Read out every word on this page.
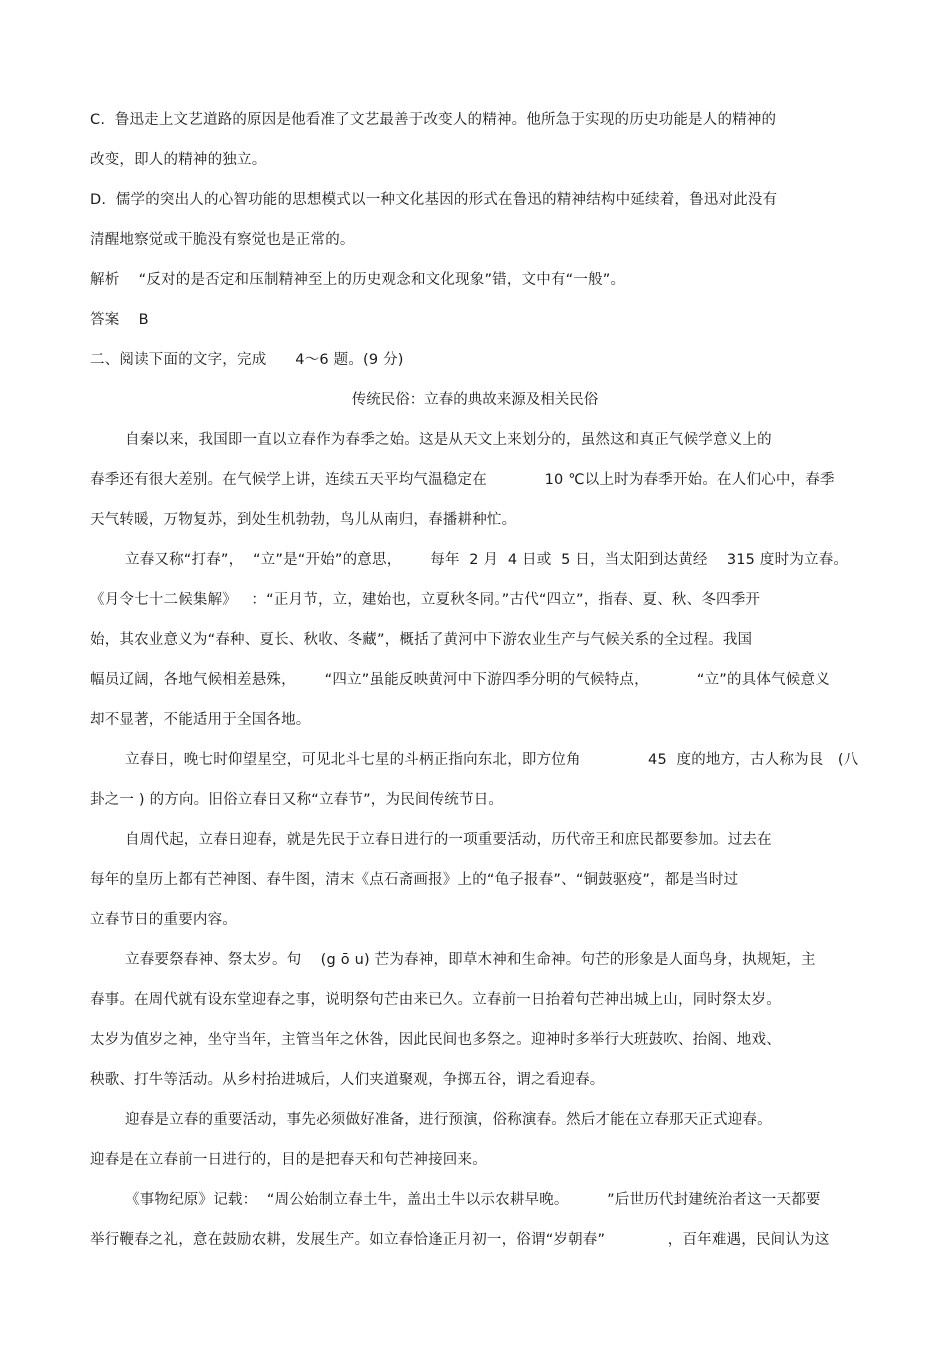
C.  鲁迅走上文艺道路的原因是他看准了文艺最善于改变人的精神。他所急于实现的历史功能是人的精神的
改变，即人的精神的独立。
D.  儒学的突出人的心智功能的思想模式以一种文化基因的形式在鲁迅的精神结构中延续着，鲁迅对此没有
清醒地察觉或干脆没有察觉也是正常的。
解析    “反对的是否定和压制精神至上的历史观念和文化现象”错，文中有“一般”。
答案    B
二、阅读下面的文字，完成      4～6 题。(9 分)
传统民俗：立春的典故来源及相关民俗
自秦以来，我国即一直以立春作为春季之始。这是从天文上来划分的，虽然这和真正气候学意义上的
春季还有很大差别。在气候学上讲，连续五天平均气温稳定在            10 ℃以上时为春季开始。在人们心中，春季
天气转暖，万物复苏，到处生机勃勃，鸟儿从南归，春播耕种忙。
立春又称“打春”，  “立”是“开始”的意思，      每年  2 月  4 日或  5 日，当太阳到达黄经    315 度时为立春。
《月令七十二候集解》   ：“正月节，立，建始也，立夏秋冬同。”古代“四立”，指春、夏、秋、冬四季开
始，其农业意义为“春种、夏长、秋收、冬藏”，概括了黄河中下游农业生产与气候关系的全过程。我国
幅员辽阔，各地气候相差悬殊，      “四立”虽能反映黄河中下游四季分明的气候特点，          “立”的具体气候意义
却不显著，不能适用于全国各地。
立春日，晚七时仰望星空，可见北斗七星的斗柄正指向东北，即方位角              45  度的地方，古人称为艮   (八
卦之一 ) 的方向。旧俗立春日又称“立春节”，为民间传统节日。
自周代起，立春日迎春，就是先民于立春日进行的一项重要活动，历代帝王和庶民都要参加。过去在
每年的皇历上都有芒神图、春牛图，清末《点石斋画报》上的“龟子报春”、“铜鼓驱疫”，都是当时过
立春节日的重要内容。
立春要祭春神、祭太岁。句    (g ō u) 芒为春神，即草木神和生命神。句芒的形象是人面鸟身，执规矩，主
春事。在周代就有设东堂迎春之事，说明祭句芒由来已久。立春前一日抬着句芒神出城上山，同时祭太岁。
太岁为值岁之神，坐守当年，主管当年之休咎，因此民间也多祭之。迎神时多举行大班鼓吹、抬阁、地戏、
秧歌、打牛等活动。从乡村抬进城后，人们夹道聚观，争掷五谷，谓之看迎春。
迎春是立春的重要活动，事先必须做好准备，进行预演，俗称演春。然后才能在立春那天正式迎春。
迎春是在立春前一日进行的，目的是把春天和句芒神接回来。
《事物纪原》记载：  “周公始制立春土牛，盖出土牛以示农耕早晚。        ”后世历代封建统治者这一天都要
举行鞭春之礼，意在鼓励农耕，发展生产。如立春恰逢正月初一，俗谓“岁朝春”             ，百年难遇，民间认为这
